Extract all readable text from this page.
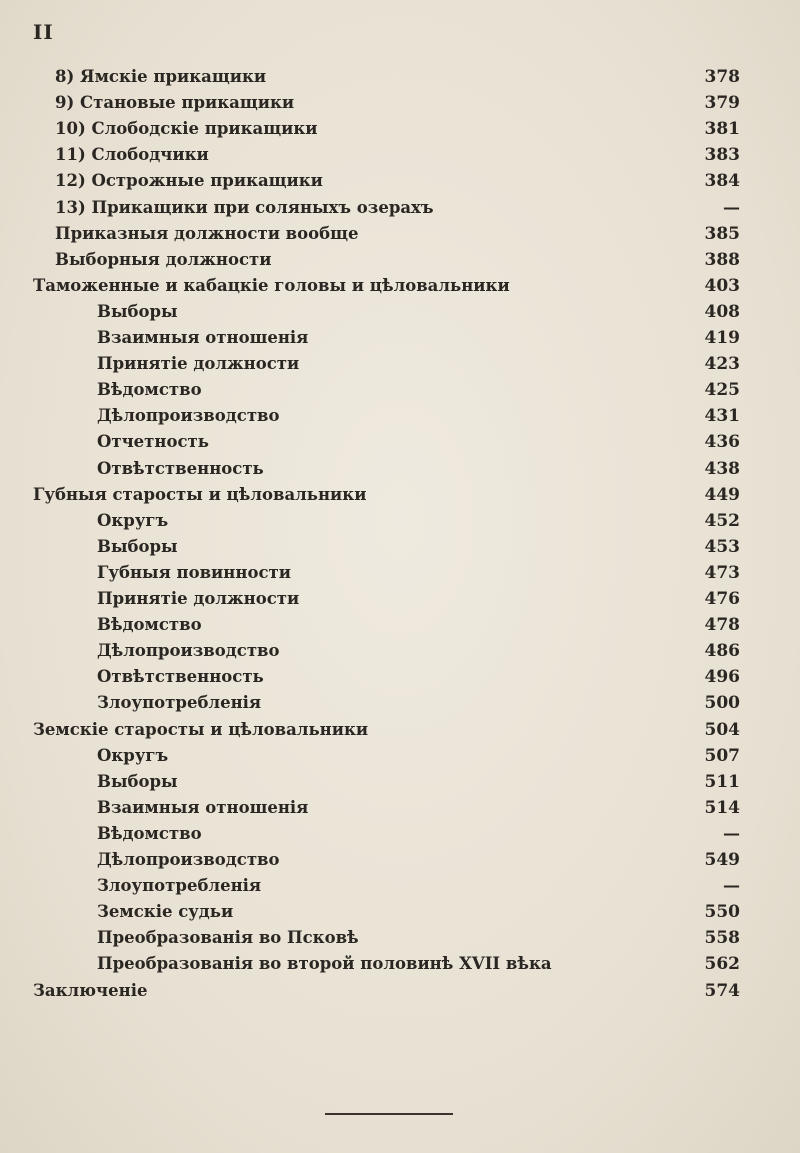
II
8) Ямскіе прикащики	378
9) Становые прикащики	379
10) Слободскіе прикащики	381
11) Слободчики	383
12) Острожные прикащики	384
13) Прикащики при соляныхъ озерахъ	—
Приказныя должности вообще	385
Выборныя должности	388
Таможенные и кабацкіе головы и цѣловальники	403
Выборы	408
Взаимныя отношенія	419
Принятіе должности	423
Вѣдомство	425
Дѣлопроизводство	431
Отчетность	436
Отвѣтственность	438
Губныя старосты и цѣловальники	449
Округъ	452
Выборы	453
Губныя повинности	473
Принятіе должности	476
Вѣдомство	478
Дѣлопроизводство	486
Отвѣтственность	496
Злоупотребленія	500
Земскіе старосты и цѣловальники	504
Округъ	507
Выборы	511
Взаимныя отношенія	514
Вѣдомство	—
Дѣлопроизводство	549
Злоупотребленія	—
Земскіе судьи	550
Преобразованія во Псковѣ	558
Преобразованія во второй половинѣ XVII вѣка	562
Заключеніе	574
